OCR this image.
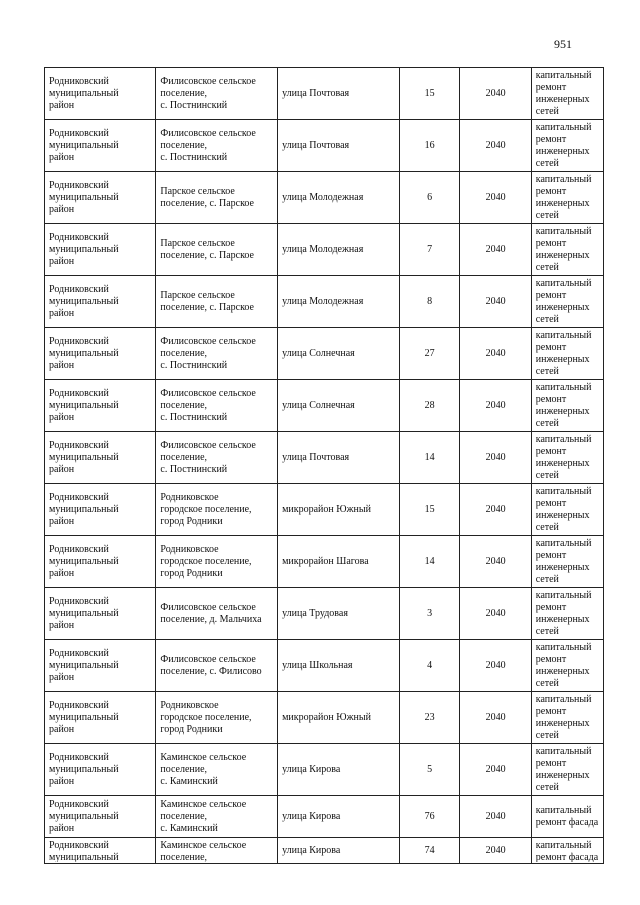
951
Родниковский
муниципальный
район	Филисовское сельское
поселение,
с. Постнинский	улица Почтовая	15	2040	капитальный
ремонт
инженерных
сетей

Родниковский
муниципальный
район	Филисовское сельское
поселение,
с. Постнинский	улица Почтовая	16	2040	капитальный
ремонт
инженерных
сетей

Родниковский
муниципальный
район	Парское сельское
поселение, с. Парское	улица Молодежная	6	2040	капитальный
ремонт
инженерных
сетей

Родниковский
муниципальный
район	Парское сельское
поселение, с. Парское	улица Молодежная	7	2040	капитальный
ремонт
инженерных
сетей

Родниковский
муниципальный
район	Парское сельское
поселение, с. Парское	улица Молодежная	8	2040	капитальный
ремонт
инженерных
сетей

Родниковский
муниципальный
район	Филисовское сельское
поселение,
с. Постнинский	улица Солнечная	27	2040	капитальный
ремонт
инженерных
сетей

Родниковский
муниципальный
район	Филисовское сельское
поселение,
с. Постнинский	улица Солнечная	28	2040	капитальный
ремонт
инженерных
сетей

Родниковский
муниципальный
район	Филисовское сельское
поселение,
с. Постнинский	улица Почтовая	14	2040	капитальный
ремонт
инженерных
сетей

Родниковский
муниципальный
район	Родниковское
городское поселение,
город Родники	микрорайон Южный	15	2040	капитальный
ремонт
инженерных
сетей

Родниковский
муниципальный
район	Родниковское
городское поселение,
город Родники	микрорайон Шагова	14	2040	капитальный
ремонт
инженерных
сетей

Родниковский
муниципальный
район	Филисовское сельское
поселение, д. Мальчиха	улица Трудовая	3	2040	капитальный
ремонт
инженерных
сетей

Родниковский
муниципальный
район	Филисовское сельское
поселение, с. Филисово	улица Школьная	4	2040	капитальный
ремонт
инженерных
сетей

Родниковский
муниципальный
район	Родниковское
городское поселение,
город Родники	микрорайон Южный	23	2040	капитальный
ремонт
инженерных
сетей

Родниковский
муниципальный
район	Каминское сельское
поселение,
с. Каминский	улица Кирова	5	2040	капитальный
ремонт
инженерных
сетей

Родниковский
муниципальный
район	Каминское сельское
поселение,
с. Каминский	улица Кирова	76	2040	капитальный
ремонт фасада

Родниковский
муниципальный	Каминское сельское
поселение,	улица Кирова	74	2040	капитальный
ремонт фасада
